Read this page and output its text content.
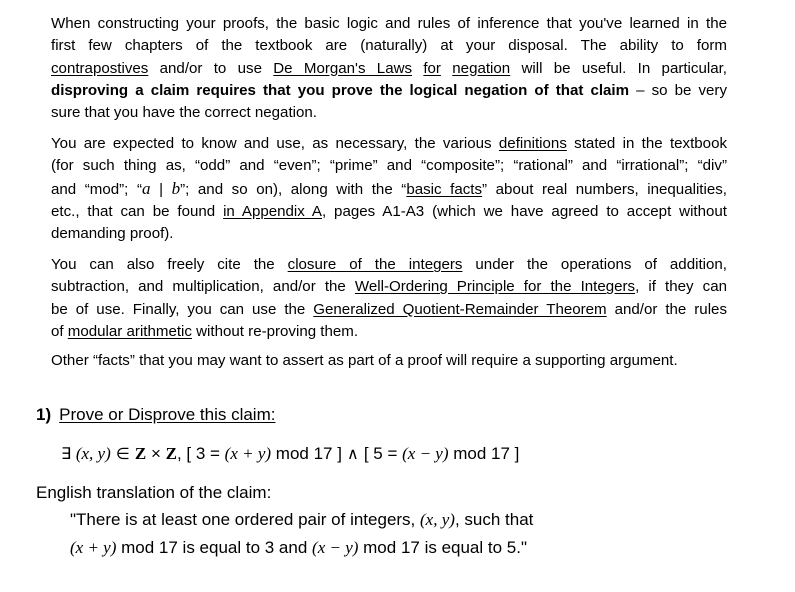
When constructing your proofs, the basic logic and rules of inference that you've learned in the
first few chapters of the textbook are (naturally) at your disposal. The ability to form
contrapostives and/or to use De Morgan's Laws for negation will be useful. In particular,
disproving a claim requires that you prove the logical negation of that claim – so be very
sure that you have the correct negation.
You are expected to know and use, as necessary, the various definitions stated in the textbook
(for such thing as, “odd” and “even”; “prime” and “composite”; “rational” and “irrational”; “div”
and “mod”; “a | b”; and so on), along with the “basic facts” about real numbers, inequalities,
etc., that can be found in Appendix A, pages A1-A3 (which we have agreed to accept without
demanding proof).
You can also freely cite the closure of the integers under the operations of addition,
subtraction, and multiplication, and/or the Well-Ordering Principle for the Integers, if they can
be of use. Finally, you can use the Generalized Quotient-Remainder Theorem and/or the rules
of modular arithmetic without re-proving them.
Other “facts” that you may want to assert as part of a proof will require a supporting argument.
1) Prove or Disprove this claim:
∃ (x, y) ∈ Z × Z, [ 3 = (x + y) mod 17 ] ∧ [ 5 = (x − y) mod 17 ]
English translation of the claim:
"There is at least one ordered pair of integers, (x, y), such that
(x + y) mod 17 is equal to 3 and (x − y) mod 17 is equal to 5."
